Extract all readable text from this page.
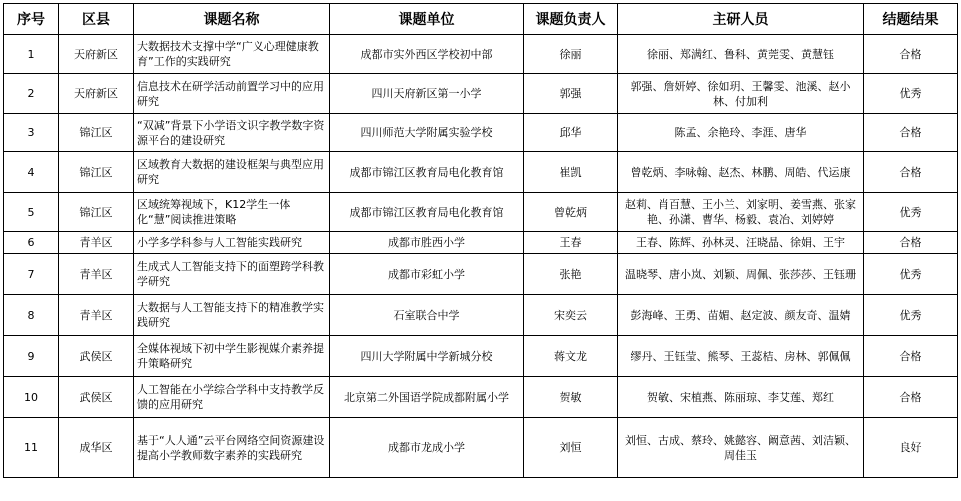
序号	区县	课题名称	课题单位	课题负责人	主研人员	结题结果
1	天府新区	大数据技术支撑中学“广义心理健康教育”工作的实践研究	成都市实外西区学校初中部	徐丽	徐丽、郑满红、鲁科、黄莞雯、黄慧钰	合格
2	天府新区	信息技术在研学活动前置学习中的应用研究	四川天府新区第一小学	郭强	郭强、詹妍婷、徐如玥、王馨雯、池溪、赵小林、付加利	优秀
3	锦江区	“双减”背景下小学语文识字教学数字资源平台的建设研究	四川师范大学附属实验学校	邱华	陈孟、余艳玲、李涯、唐华	合格
4	锦江区	区域教育大数据的建设框架与典型应用研究	成都市锦江区教育局电化教育馆	崔凯	曾乾炳、李咏翰、赵杰、林鹏、周皓、代运康	合格
5	锦江区	区域统筹视域下，K12学生一体化“慧”阅读推进策略	成都市锦江区教育局电化教育馆	曾乾炳	赵莉、肖百慧、王小兰、刘家明、姜雪燕、张家艳、孙潇、曹华、杨毅、袁冶、刘婷婷	优秀
6	青羊区	小学多学科参与人工智能实践研究	成都市胜西小学	王春	王春、陈辉、孙林灵、汪晓晶、徐娟、王宇	合格
7	青羊区	生成式人工智能支持下的面塑跨学科教学研究	成都市彩虹小学	张艳	温晓琴、唐小岚、刘颖、周佩、张莎莎、王钰珊	优秀
8	青羊区	大数据与人工智能支持下的精准教学实践研究	石室联合中学	宋奕云	彭海峰、王勇、苗媚、赵定波、颜友奇、温婧	优秀
9	武侯区	全媒体视域下初中学生影视媒介素养提升策略研究	四川大学附属中学新城分校	蒋文龙	缪丹、王钰莹、熊琴、王蕊桔、房林、郭佩佩	合格
10	武侯区	人工智能在小学综合学科中支持教学反馈的应用研究	北京第二外国语学院成都附属小学	贺敏	贺敏、宋植燕、陈丽琼、李艾莲、郑红	合格
11	成华区	基于“人人通”云平台网络空间资源建设提高小学教师数字素养的实践研究	成都市龙成小学	刘恒	刘恒、古成、蔡玲、姚懿容、阚意茜、刘洁颖、周佳玉	良好
